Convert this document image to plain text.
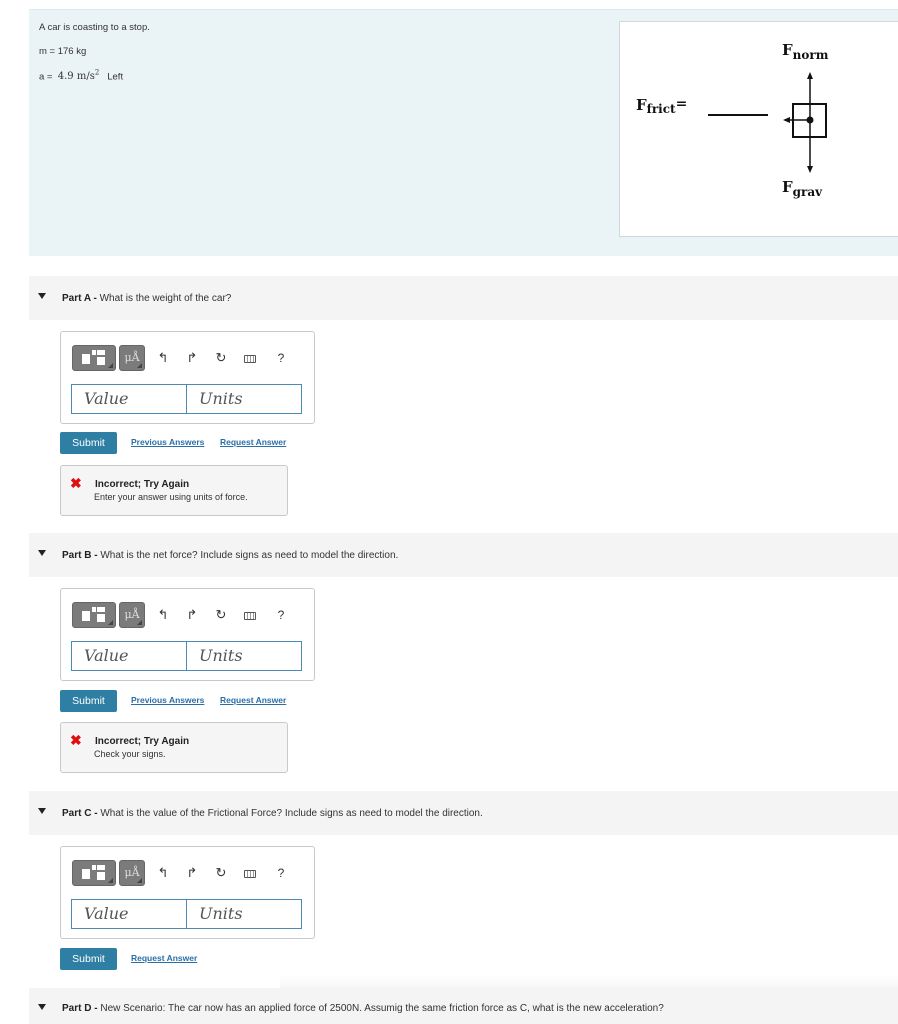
A car is coasting to a stop.
m = 176 kg
a = 4.9 $m/s^2$ Left
$F_{frict}=$
$F_{norm}$
$F_{grav}$
Part A - What is the weight of the car?
μÅ	↰ ↱ ↻	?
Value	Units
Submit	Previous Answers Request Answer
✖ Incorrect; Try Again
Enter your answer using units of force.
Part B - What is the net force? Include signs as need to model the direction.
μÅ	↰ ↱ ↻	?
Value	Units
Submit	Previous Answers Request Answer
✖ Incorrect; Try Again
Check your signs.
Part C - What is the value of the Frictional Force? Include signs as need to model the direction.
μÅ	↰ ↱ ↻	?
Value	Units
Submit	Request Answer
Part D - New Scenario: The car now has an applied force of 2500N. Assumig the same friction force as C, what is the new acceleration?
